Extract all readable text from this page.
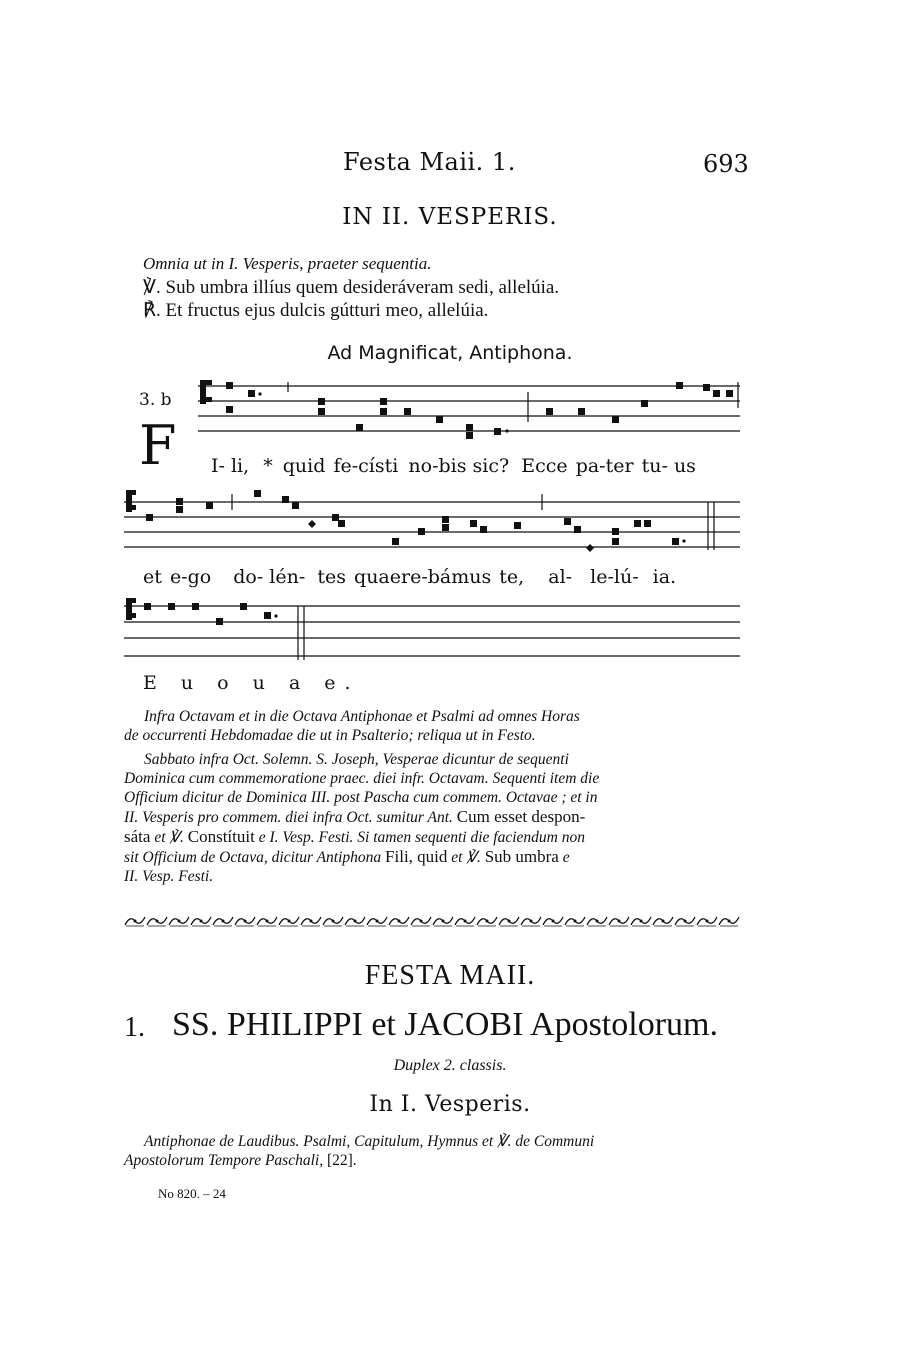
Festa Maii. 1.	693
IN II. VESPERIS.
Omnia ut in I. Vesperis, praeter sequentia.
℣. Sub umbra illíus quem desideráveram sedi, allelúia.
℟. Et fructus ejus dulcis gútturi meo, allelúia.
Ad Magnificat, Antiphona.
3. b
F I- li, * quid fe-císti no-bis sic? Ecce pa-ter tu- us
et e-go do- lén- tes quaere-bámus te, al- le-lú- ia.
E u o u a e.
Infra Octavam et in die Octava Antiphonae et Psalmi ad omnes Horas
de occurrenti Hebdomadae die ut in Psalterio; reliqua ut in Festo.
Sabbato infra Oct. Solemn. S. Joseph, Vesperae dicuntur de sequenti
Dominica cum commemoratione praec. diei infr. Octavam. Sequenti item die
Officium dicitur de Dominica III. post Pascha cum commem. Octavae ; et in
II. Vesperis pro commem. diei infra Oct. sumitur Ant. Cum esset despon-
sáta et ℣. Constítuit e I. Vesp. Festi. Si tamen sequenti die faciendum non
sit Officium de Octava, dicitur Antiphona Fili, quid et ℣. Sub umbra e
II. Vesp. Festi.
FESTA MAII.
1. SS. PHILIPPI et JACOBI Apostolorum.
Duplex 2. classis.
In I. Vesperis.
Antiphonae de Laudibus. Psalmi, Capitulum, Hymnus et ℣. de Communi
Apostolorum Tempore Paschali, [22].
No 820. – 24
